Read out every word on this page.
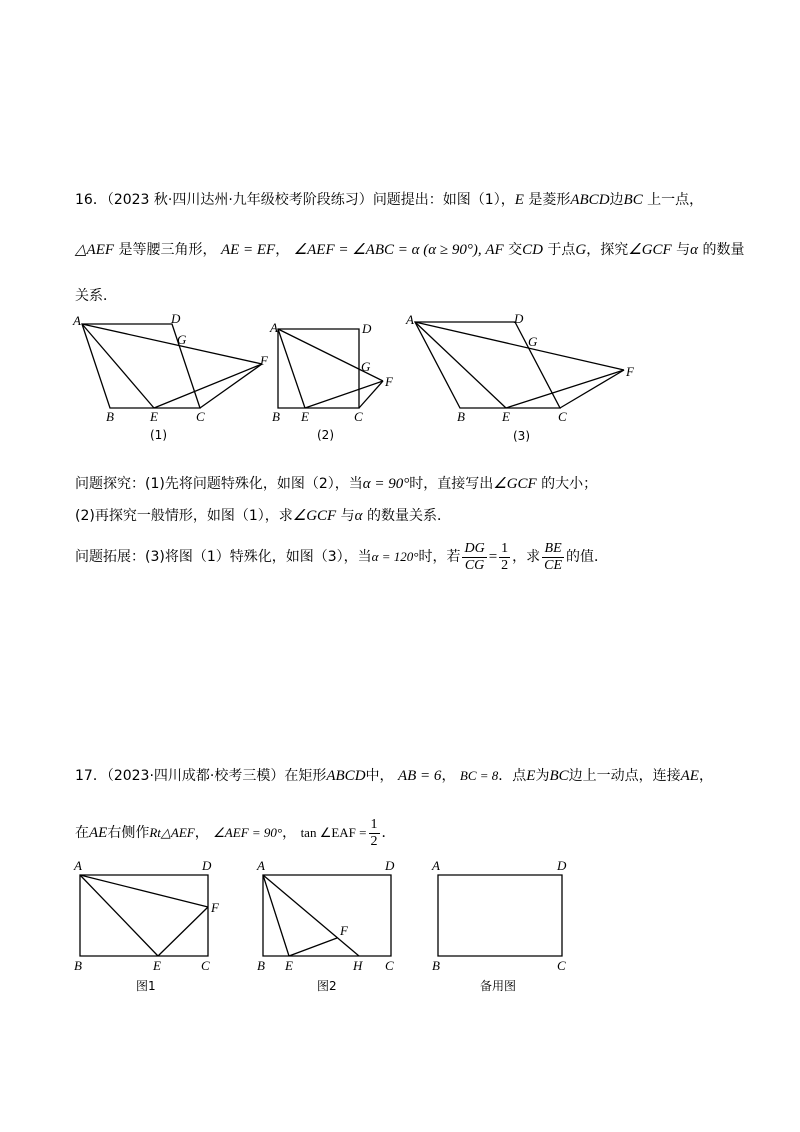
16．（2023 秋·四川达州·九年级校考阶段练习）问题提出：如图（1），E 是菱形ABCD边BC 上一点，
△AEF 是等腰三角形， AE = EF， ∠AEF = ∠ABC = α (α ≥ 90°), AF 交CD 于点G，探究∠GCF 与α 的数量
关系．
A	D
G
F
B	E	C
(1)
A	D
G
F
B E	C
(2)
A	D
G
F
B	E	C
(3)
问题探究：(1)先将问题特殊化，如图（2），当α = 90°时，直接写出∠GCF 的大小；
(2)再探究一般情形，如图（1），求∠GCF 与α 的数量关系．
问题拓展：(3)将图（1）特殊化，如图（3），当α = 120°时，若 $\frac{DG}{CG} = \frac{1}{2}$ ，求 $\frac{BE}{CE}$ 的值．
17．（2023·四川成都·校考三模）在矩形ABCD中， AB = 6， BC = 8．点E为BC边上一动点，连接AE，
在AE右侧作Rt△AEF， ∠AEF = 90°， tan ∠EAF = $\frac{1}{2}$ ．
A	D
F
B	E	C
图1
A	D
F
B E	H C
图2
A	D
B	C
备用图
